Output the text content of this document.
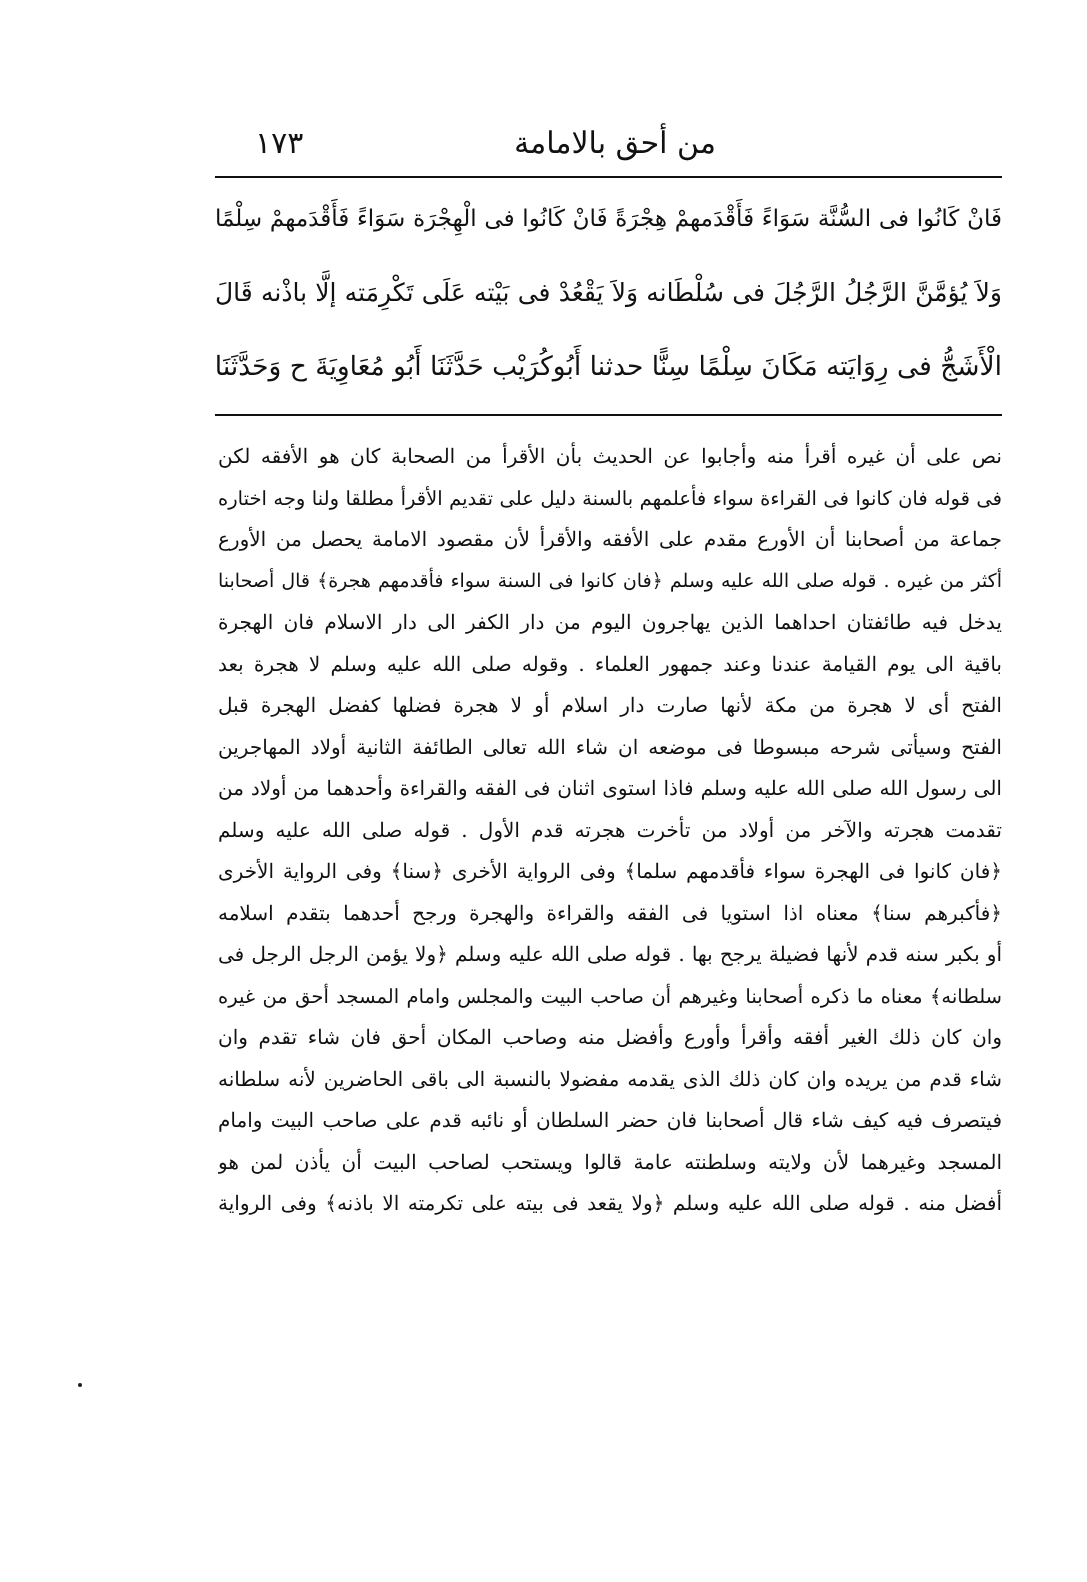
من أحق بالامامة
١٧٣
فَانْ كَانُوا فى السُّنَّة سَوَاءً فَأَقْدَمهمْ هِجْرَةً فَانْ كَانُوا فى الْهِجْرَة سَوَاءً فَأَقْدَمهمْ سِلْمًا
وَلاَ يُؤمَّنَّ الرَّجُلُ الرَّجُلَ فى سُلْطَانه وَلاَ يَقْعُدْ فى بَيْته عَلَى تَكْرِمَته إلَّا باذْنه قَالَ
الْأَشَجُّ فى رِوَايَته مَكَانَ سِلْمًا سِنًّا حدثنا أَبُوكُرَيْب حَدَّثَنَا أَبُو مُعَاوِيَةَ ح وَحَدَّثَنَا
نص على أن غيره أقرأ منه وأجابوا عن الحديث بأن الأقرأ من الصحابة كان هو الأفقه لكن
فى قوله فان كانوا فى القراءة سواء فأعلمهم بالسنة دليل على تقديم الأقرأ مطلقا ولنا وجه اختاره
جماعة من أصحابنا أن الأورع مقدم على الأفقه والأقرأ لأن مقصود الامامة يحصل من الأورع
أكثر من غيره . قوله صلى الله عليه وسلم ﴿فان كانوا فى السنة سواء فأقدمهم هجرة﴾ قال أصحابنا
يدخل فيه طائفتان احداهما الذين يهاجرون اليوم من دار الكفر الى دار الاسلام فان الهجرة
باقية الى يوم القيامة عندنا وعند جمهور العلماء . وقوله صلى الله عليه وسلم لا هجرة بعد
الفتح أى لا هجرة من مكة لأنها صارت دار اسلام أو لا هجرة فضلها كفضل الهجرة قبل
الفتح وسيأتى شرحه مبسوطا فى موضعه ان شاء الله تعالى الطائفة الثانية أولاد المهاجرين
الى رسول الله صلى الله عليه وسلم فاذا استوى اثنان فى الفقه والقراءة وأحدهما من أولاد من
تقدمت هجرته والآخر من أولاد من تأخرت هجرته قدم الأول . قوله صلى الله عليه وسلم
﴿فان كانوا فى الهجرة سواء فأقدمهم سلما﴾ وفى الرواية الأخرى ﴿سنا﴾ وفى الرواية الأخرى
﴿فأكبرهم سنا﴾ معناه اذا استويا فى الفقه والقراءة والهجرة ورجح أحدهما بتقدم اسلامه
أو بكبر سنه قدم لأنها فضيلة يرجح بها . قوله صلى الله عليه وسلم ﴿ولا يؤمن الرجل الرجل فى
سلطانه﴾ معناه ما ذكره أصحابنا وغيرهم أن صاحب البيت والمجلس وامام المسجد أحق من غيره
وان كان ذلك الغير أفقه وأقرأ وأورع وأفضل منه وصاحب المكان أحق فان شاء تقدم وان
شاء قدم من يريده وان كان ذلك الذى يقدمه مفضولا بالنسبة الى باقى الحاضرين لأنه سلطانه
فيتصرف فيه كيف شاء قال أصحابنا فان حضر السلطان أو نائبه قدم على صاحب البيت وامام
المسجد وغيرهما لأن ولايته وسلطنته عامة قالوا ويستحب لصاحب البيت أن يأذن لمن هو
أفضل منه . قوله صلى الله عليه وسلم ﴿ولا يقعد فى بيته على تكرمته الا باذنه﴾ وفى الرواية
